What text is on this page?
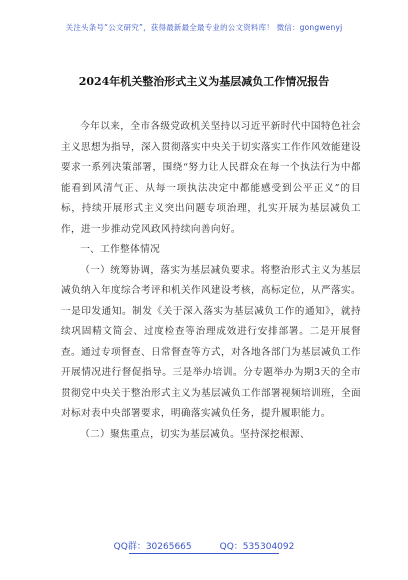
关注头条号“公文研究”，获得最新最全最专业的公文资料库！ 微信：gongwenyj
2024年机关整治形式主义为基层减负工作情况报告

今年以来，全市各级党政机关坚持以习近平新时代中国特色社会主义思想为指导，深入贯彻落实中央关于切实落实工作作风效能建设要求一系列决策部署，围绕“努力让人民群众在每一个执法行为中都能看到风清气正、从每一项执法决定中都能感受到公平正义”的目标，持续开展形式主义突出问题专项治理，扎实开展为基层减负工作，进一步推动党风政风持续向善向好。

一、工作整体情况

（一）统筹协调，落实为基层减负要求。将整治形式主义为基层减负纳入年度综合考评和机关作风建设考核，高标定位，从严落实。一是印发通知。制发《关于深入落实为基层减负工作的通知》，就持续巩固精文简会、过度检查等治理成效进行安排部署。二是开展督查。通过专项督查、日常督查等方式，对各地各部门为基层减负工作开展情况进行督促指导。三是举办培训。分专题举办为期3天的全市贯彻党中央关于整治形式主义为基层减负工作部署视频培训班，全面对标对表中央部署要求，明确落实减负任务，提升履职能力。

（二）聚焦重点，切实为基层减负。坚持深挖根源、

QQ群：30265665	QQ：535304092
